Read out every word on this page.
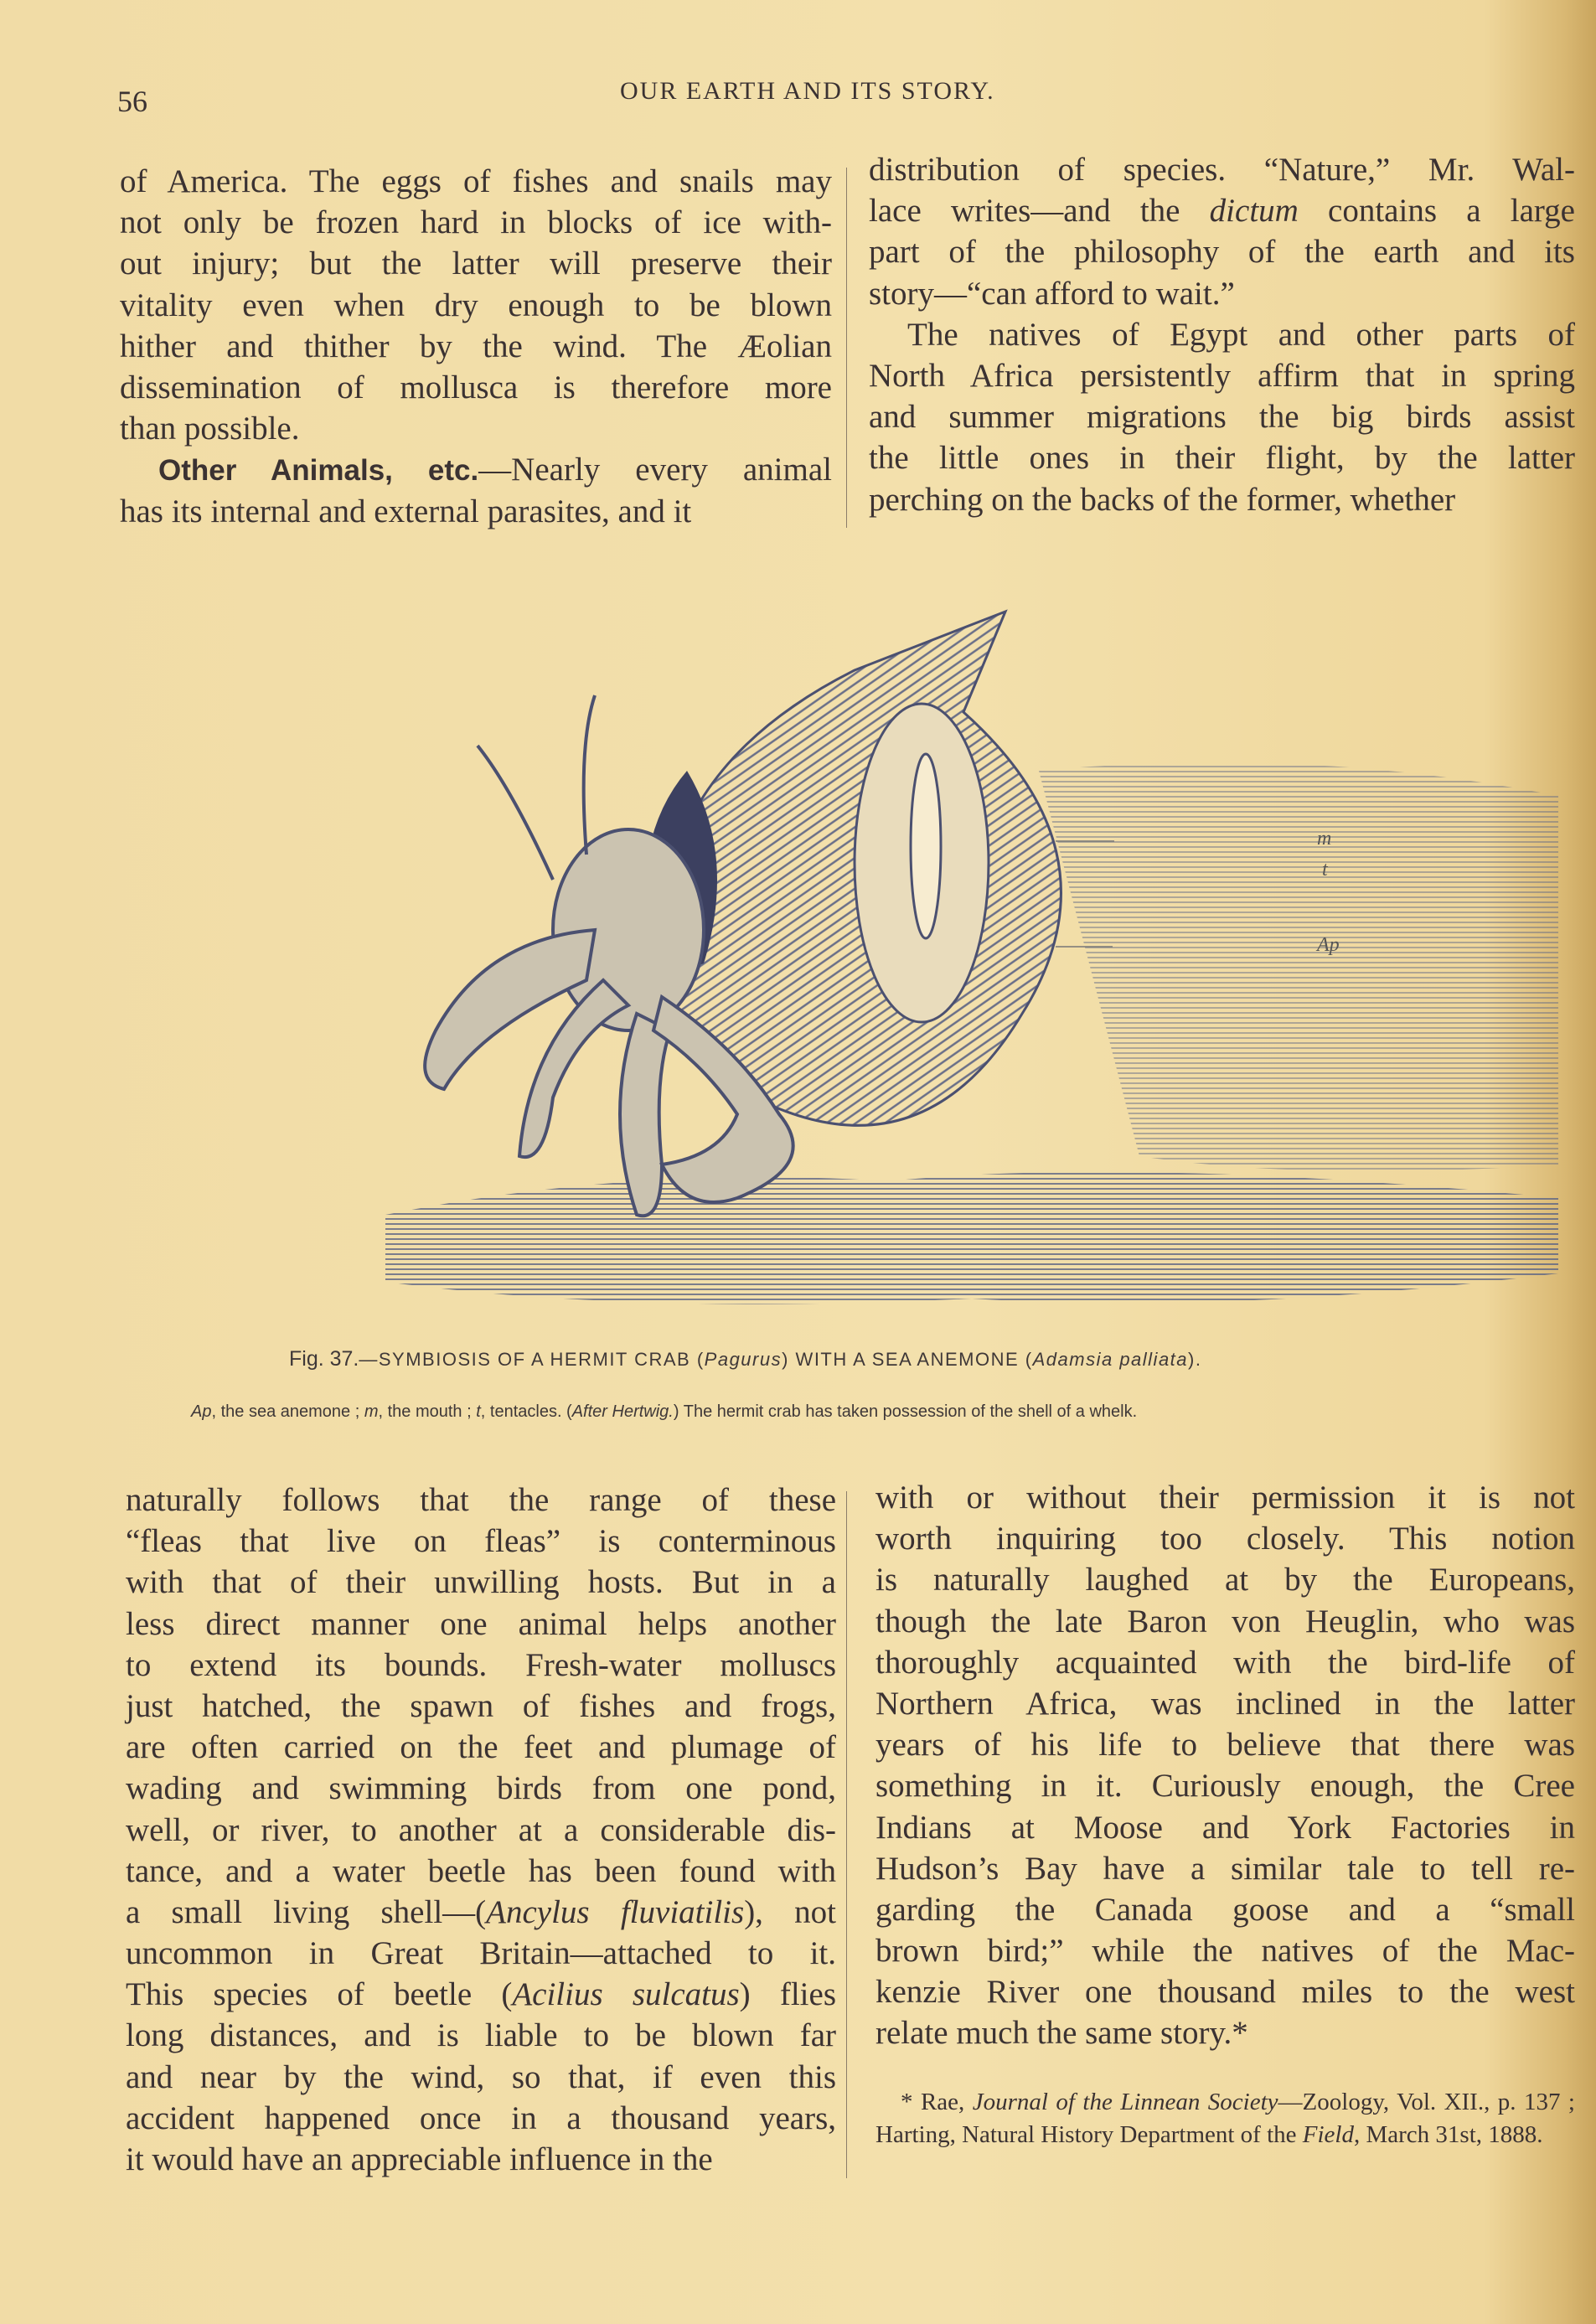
56	OUR EARTH AND ITS STORY.
of America. The eggs of fishes and snails may
not only be frozen hard in blocks of ice with-
out injury; but the latter will preserve their
vitality even when dry enough to be blown
hither and thither by the wind. The Æolian
dissemination of mollusca is therefore more
than possible.
Other Animals, etc.—Nearly every animal
has its internal and external parasites, and it
distribution of species. “Nature,” Mr. Wal-
lace writes—and the dictum contains a large
part of the philosophy of the earth and its
story—“can afford to wait.”
The natives of Egypt and other parts of
North Africa persistently affirm that in spring
and summer migrations the big birds assist
the little ones in their flight, by the latter
perching on the backs of the former, whether
m
t
Ap
Fig. 37.—SYMBIOSIS OF A HERMIT CRAB (Pagurus) WITH A SEA ANEMONE (Adamsia palliata).
Ap, the sea anemone ; m, the mouth ; t, tentacles. (After Hertwig.) The hermit crab has taken possession of the shell of a whelk.
naturally follows that the range of these
“fleas that live on fleas” is conterminous
with that of their unwilling hosts. But in a
less direct manner one animal helps another
to extend its bounds. Fresh-water molluscs
just hatched, the spawn of fishes and frogs,
are often carried on the feet and plumage of
wading and swimming birds from one pond,
well, or river, to another at a considerable dis-
tance, and a water beetle has been found with
a small living shell—(Ancylus fluviatilis), not
uncommon in Great Britain—attached to it.
This species of beetle (Acilius sulcatus) flies
long distances, and is liable to be blown far
and near by the wind, so that, if even this
accident happened once in a thousand years,
it would have an appreciable influence in the
with or without their permission it is not
worth inquiring too closely. This notion
is naturally laughed at by the Europeans,
though the late Baron von Heuglin, who was
thoroughly acquainted with the bird-life of
Northern Africa, was inclined in the latter
years of his life to believe that there was
something in it. Curiously enough, the Cree
Indians at Moose and York Factories in
Hudson’s Bay have a similar tale to tell re-
garding the Canada goose and a “small
brown bird;” while the natives of the Mac-
kenzie River one thousand miles to the west
relate much the same story.*
* Rae, Journal of the Linnean Society—Zoology, Vol. XII., p. 137 ; Harting, Natural History Department of the Field, March 31st, 1888.
